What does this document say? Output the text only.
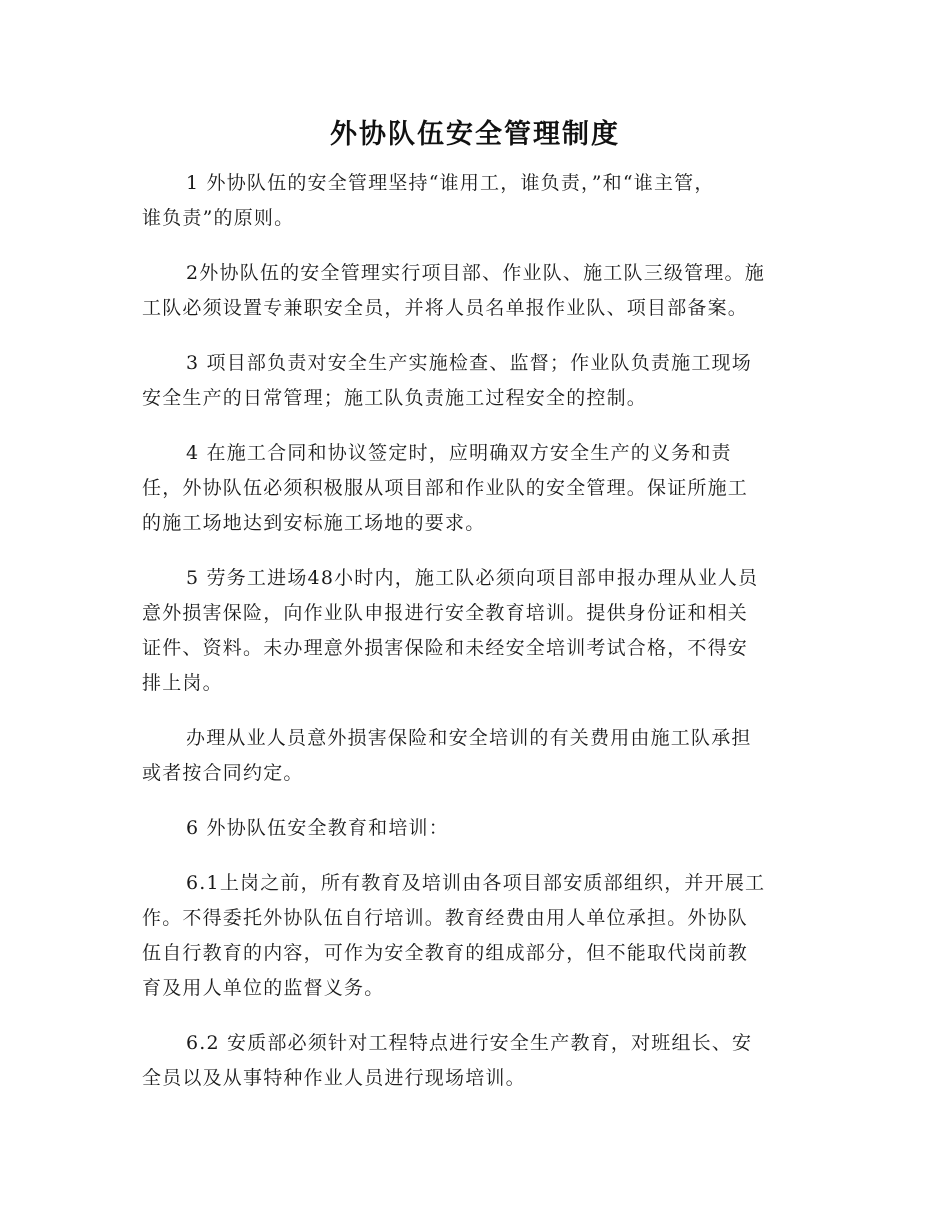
外协队伍安全管理制度

1 外协队伍的安全管理坚持“谁用工，谁负责，”和“谁主管，
谁负责”的原则。

2外协队伍的安全管理实行项目部、作业队、施工队三级管理。施
工队必须设置专兼职安全员，并将人员名单报作业队、项目部备案。

3 项目部负责对安全生产实施检查、监督；作业队负责施工现场
安全生产的日常管理；施工队负责施工过程安全的控制。

4 在施工合同和协议签定时，应明确双方安全生产的义务和责
任，外协队伍必须积极服从项目部和作业队的安全管理。保证所施工
的施工场地达到安标施工场地的要求。

5 劳务工进场48小时内，施工队必须向项目部申报办理从业人员
意外损害保险，向作业队申报进行安全教育培训。提供身份证和相关
证件、资料。未办理意外损害保险和未经安全培训考试合格，不得安
排上岗。

办理从业人员意外损害保险和安全培训的有关费用由施工队承担
或者按合同约定。

6 外协队伍安全教育和培训：

6.1上岗之前，所有教育及培训由各项目部安质部组织，并开展工
作。不得委托外协队伍自行培训。教育经费由用人单位承担。外协队
伍自行教育的内容，可作为安全教育的组成部分，但不能取代岗前教
育及用人单位的监督义务。

6.2 安质部必须针对工程特点进行安全生产教育，对班组长、安
全员以及从事特种作业人员进行现场培训。
